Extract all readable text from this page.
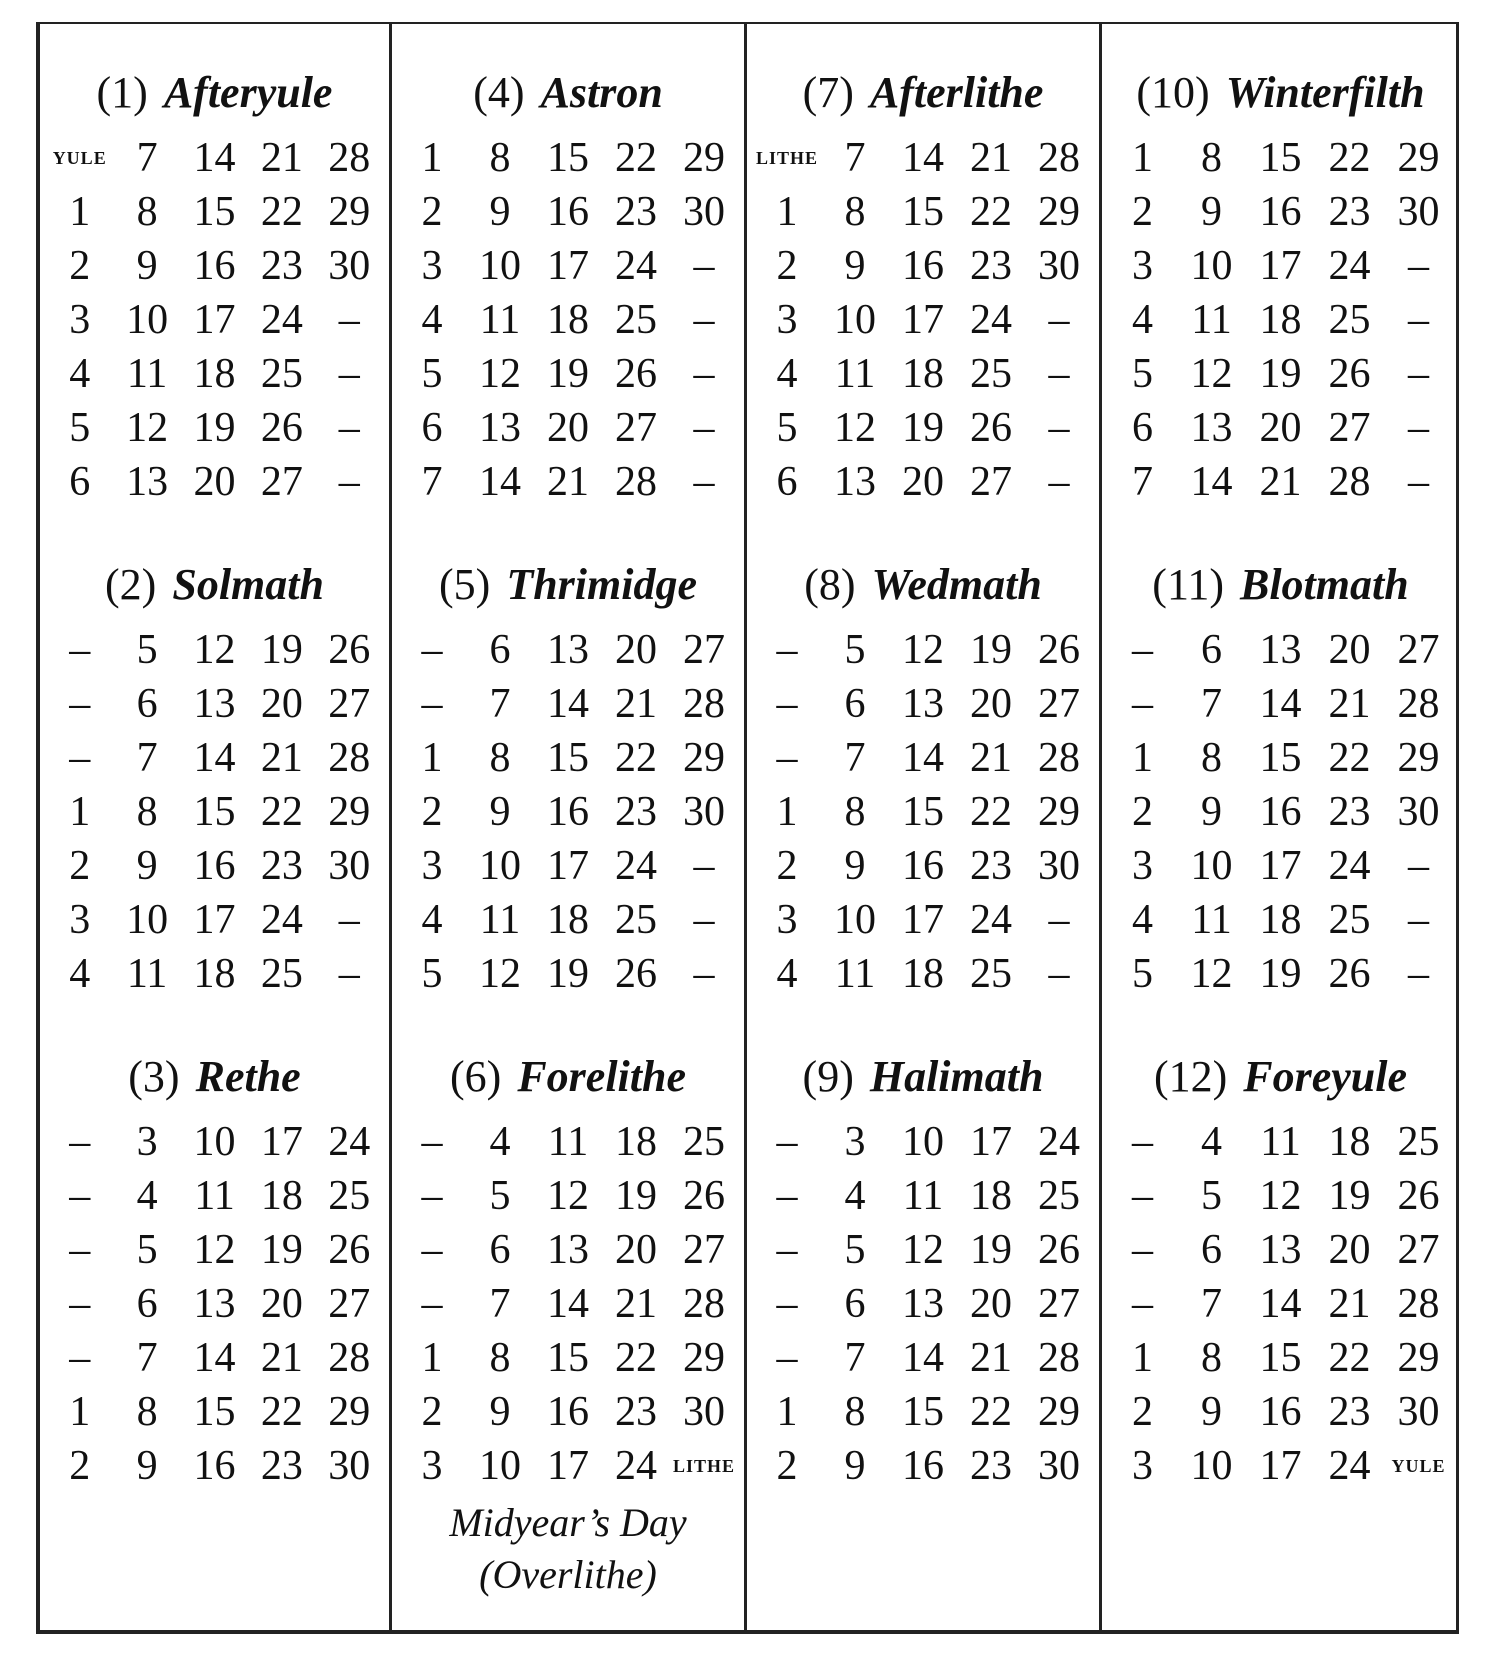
(1) Afteryule
YULE	7	14	21	28
1	8	15	22	29
2	9	16	23	30
3	10	17	24	–
4	11	18	25	–
5	12	19	26	–
6	13	20	27	–
(2) Solmath
–	5	12	19	26
–	6	13	20	27
–	7	14	21	28
1	8	15	22	29
2	9	16	23	30
3	10	17	24	–
4	11	18	25	–
(3) Rethe
–	3	10	17	24
–	4	11	18	25
–	5	12	19	26
–	6	13	20	27
–	7	14	21	28
1	8	15	22	29
2	9	16	23	30
(4) Astron
1	8	15	22	29
2	9	16	23	30
3	10	17	24	–
4	11	18	25	–
5	12	19	26	–
6	13	20	27	–
7	14	21	28	–
(5) Thrimidge
–	6	13	20	27
–	7	14	21	28
1	8	15	22	29
2	9	16	23	30
3	10	17	24	–
4	11	18	25	–
5	12	19	26	–
(6) Forelithe
–	4	11	18	25
–	5	12	19	26
–	6	13	20	27
–	7	14	21	28
1	8	15	22	29
2	9	16	23	30
3	10	17	24	LITHE
Midyear’s Day
(Overlithe)
(7) Afterlithe
LITHE	7	14	21	28
1	8	15	22	29
2	9	16	23	30
3	10	17	24	–
4	11	18	25	–
5	12	19	26	–
6	13	20	27	–
(8) Wedmath
–	5	12	19	26
–	6	13	20	27
–	7	14	21	28
1	8	15	22	29
2	9	16	23	30
3	10	17	24	–
4	11	18	25	–
(9) Halimath
–	3	10	17	24
–	4	11	18	25
–	5	12	19	26
–	6	13	20	27
–	7	14	21	28
1	8	15	22	29
2	9	16	23	30
(10) Winterfilth
1	8	15	22	29
2	9	16	23	30
3	10	17	24	–
4	11	18	25	–
5	12	19	26	–
6	13	20	27	–
7	14	21	28	–
(11) Blotmath
–	6	13	20	27
–	7	14	21	28
1	8	15	22	29
2	9	16	23	30
3	10	17	24	–
4	11	18	25	–
5	12	19	26	–
(12) Foreyule
–	4	11	18	25
–	5	12	19	26
–	6	13	20	27
–	7	14	21	28
1	8	15	22	29
2	9	16	23	30
3	10	17	24	YULE
